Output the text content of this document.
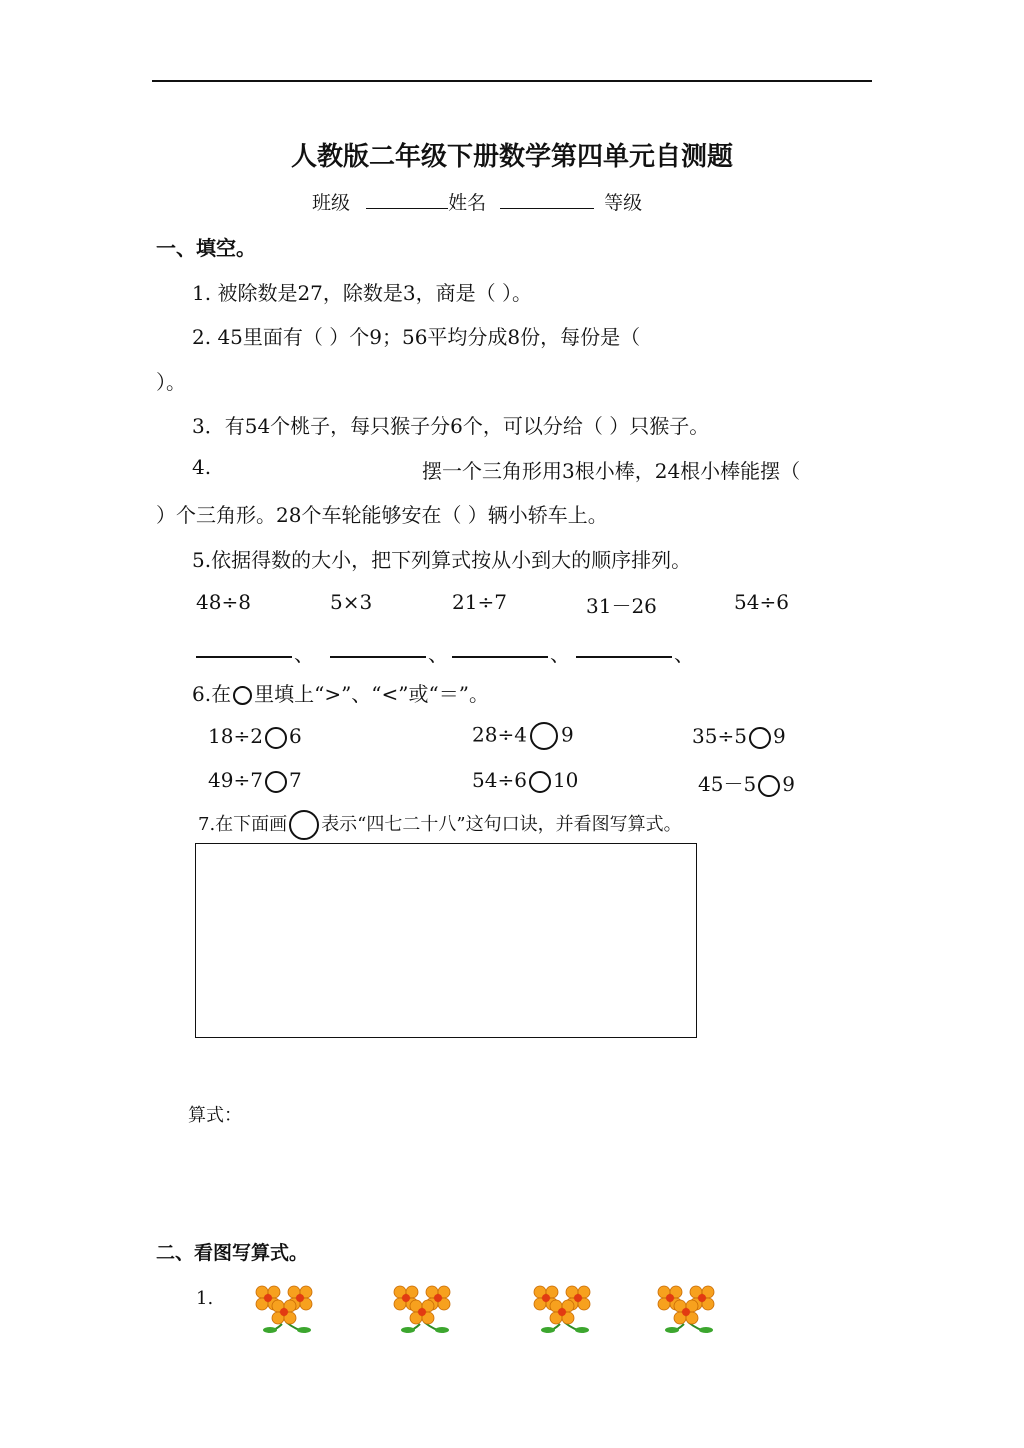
人教版二年级下册数学第四单元自测题
班级	姓名	等级
一、填空。
1. 被除数是27，除数是3，商是（ ）。
2. 45里面有（ ）个9；56平均分成8份，每份是（
）。
3．有54个桃子，每只猴子分6个，可以分给（ ）只猴子。
4.	摆一个三角形用3根小棒，24根小棒能摆（
）个三角形。28个车轮能够安在（ ）辆小轿车上。
5.依据得数的大小，把下列算式按从小到大的顺序排列。
48÷8	5×3	21÷7	31－26	54÷6
、	、	、	、
6.在 里填上“>”、“<”或“＝”。
18÷2 6	28÷4 9	35÷5 9
49÷7 7	54÷6 10	45－5 9
7.在下面画 表示“四七二十八”这句口诀，并看图写算式。
算式：
二、看图写算式。
1.
